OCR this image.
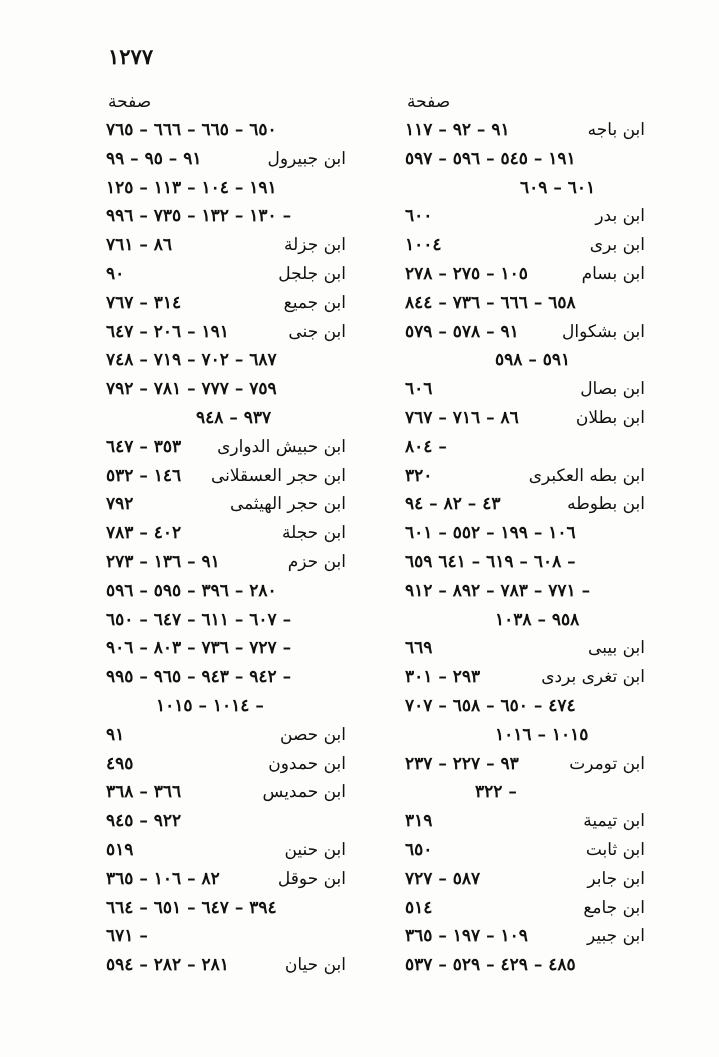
١٢٧٧
صفحة
ابن باجه
٩١ – ٩٢ – ١١٧
١٩١ – ٥٤٥ – ٥٩٦ – ٥٩٧
٦٠١ – ٦٠٩
ابن بدر
٦٠٠
ابن برى
١٠٠٤
ابن بسام
١٠٥ – ٢٧٥ – ٢٧٨
٦٥٨ – ٦٦٦ – ٧٣٦ – ٨٤٤
ابن بشكوال
٩١ – ٥٧٨ – ٥٧٩
٥٩١ – ٥٩٨
ابن بصال
٦٠٦
ابن بطلان
٨٦ – ٧١٦ – ٧٦٧
– ٨٠٤
ابن بطه العكبرى
٣٢٠
ابن بطوطه
٤٣ – ٨٢ – ٩٤
١٠٦ – ١٩٩ – ٥٥٢ – ٦٠١
– ٦٠٨ – ٦١٩ – ٦٤١ ٦٥٩
– ٧٧١ – ٧٨٣ – ٨٩٢ – ٩١٢
٩٥٨ – ١٠٣٨
ابن بيبى
٦٦٩
ابن تغرى بردى
٢٩٣ – ٣٠١
٤٧٤ – ٦٥٠ – ٦٥٨ – ٧٠٧
١٠١٥ – ١٠١٦
ابن تومرت
٩٣ – ٢٢٧ – ٢٣٧
– ٣٢٢
ابن تيمية
٣١٩
ابن ثابت
٦٥٠
ابن جابر
٥٨٧ – ٧٢٧
ابن جامع
٥١٤
ابن جبير
١٠٩ – ١٩٧ – ٣٦٥
٤٨٥ – ٤٢٩ – ٥٢٩ – ٥٣٧
صفحة
٦٥٠ – ٦٦٥ – ٦٦٦ – ٧٦٥
ابن جبيرول
٩١ – ٩٥ – ٩٩
١٩١ – ١٠٤ – ١١٣ – ١٢٥
– ١٣٠ – ١٣٢ – ٧٣٥ – ٩٩٦
ابن جزلة
٨٦ – ٧٦١
ابن جلجل
٩٠
ابن جميع
٣١٤ – ٧٦٧
ابن جنى
١٩١ – ٢٠٦ – ٦٤٧
٦٨٧ – ٧٠٢ – ٧١٩ – ٧٤٨
٧٥٩ – ٧٧٧ – ٧٨١ – ٧٩٢
٩٣٧ – ٩٤٨
ابن حبيش الدوارى
٣٥٣ – ٦٤٧
ابن حجر العسقلانى
١٤٦ – ٥٣٢
ابن حجر الهيثمى
٧٩٢
ابن حجلة
٤٠٢ – ٧٨٣
ابن حزم
٩١ – ١٣٦ – ٢٧٣
٢٨٠ – ٣٩٦ – ٥٩٥ – ٥٩٦
– ٦٠٧ – ٦١١ – ٦٤٧ – ٦٥٠
– ٧٢٧ – ٧٣٦ – ٨٠٣ – ٩٠٦
– ٩٤٢ – ٩٤٣ – ٩٦٥ – ٩٩٥
– ١٠١٤ – ١٠١٥
ابن حصن
٩١
ابن حمدون
٤٩٥
ابن حمديس
٣٦٦ – ٣٦٨
٩٢٢ – ٩٤٥
ابن حنين
٥١٩
ابن حوقل
٨٢ – ١٠٦ – ٣٦٥
٣٩٤ – ٦٤٧ – ٦٥١ – ٦٦٤
– ٦٧١
ابن حيان
٢٨١ – ٢٨٢ – ٥٩٤
